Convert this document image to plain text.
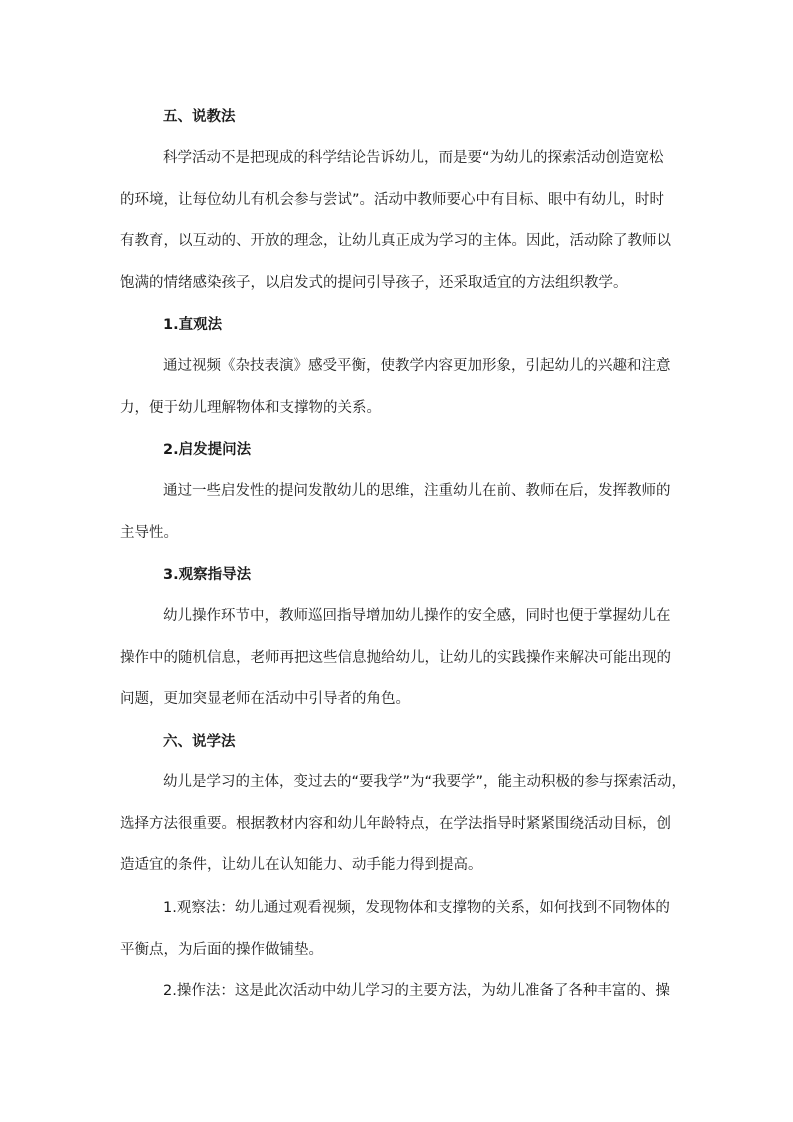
五、说教法
科学活动不是把现成的科学结论告诉幼儿，而是要“为幼儿的探索活动创造宽松
的环境，让每位幼儿有机会参与尝试”。活动中教师要心中有目标、眼中有幼儿，时时
有教育，以互动的、开放的理念，让幼儿真正成为学习的主体。因此，活动除了教师以
饱满的情绪感染孩子，以启发式的提问引导孩子，还采取适宜的方法组织教学。
1.直观法
通过视频《杂技表演》感受平衡，使教学内容更加形象，引起幼儿的兴趣和注意
力，便于幼儿理解物体和支撑物的关系。
2.启发提问法
通过一些启发性的提问发散幼儿的思维，注重幼儿在前、教师在后，发挥教师的
主导性。
3.观察指导法
幼儿操作环节中，教师巡回指导增加幼儿操作的安全感，同时也便于掌握幼儿在
操作中的随机信息，老师再把这些信息抛给幼儿，让幼儿的实践操作来解决可能出现的
问题，更加突显老师在活动中引导者的角色。
六、说学法
幼儿是学习的主体，变过去的“要我学”为“我要学”，能主动积极的参与探索活动，
选择方法很重要。根据教材内容和幼儿年龄特点，在学法指导时紧紧围绕活动目标，创
造适宜的条件，让幼儿在认知能力、动手能力得到提高。
1.观察法：幼儿通过观看视频，发现物体和支撑物的关系，如何找到不同物体的
平衡点，为后面的操作做铺垫。
2.操作法：这是此次活动中幼儿学习的主要方法，为幼儿准备了各种丰富的、操
